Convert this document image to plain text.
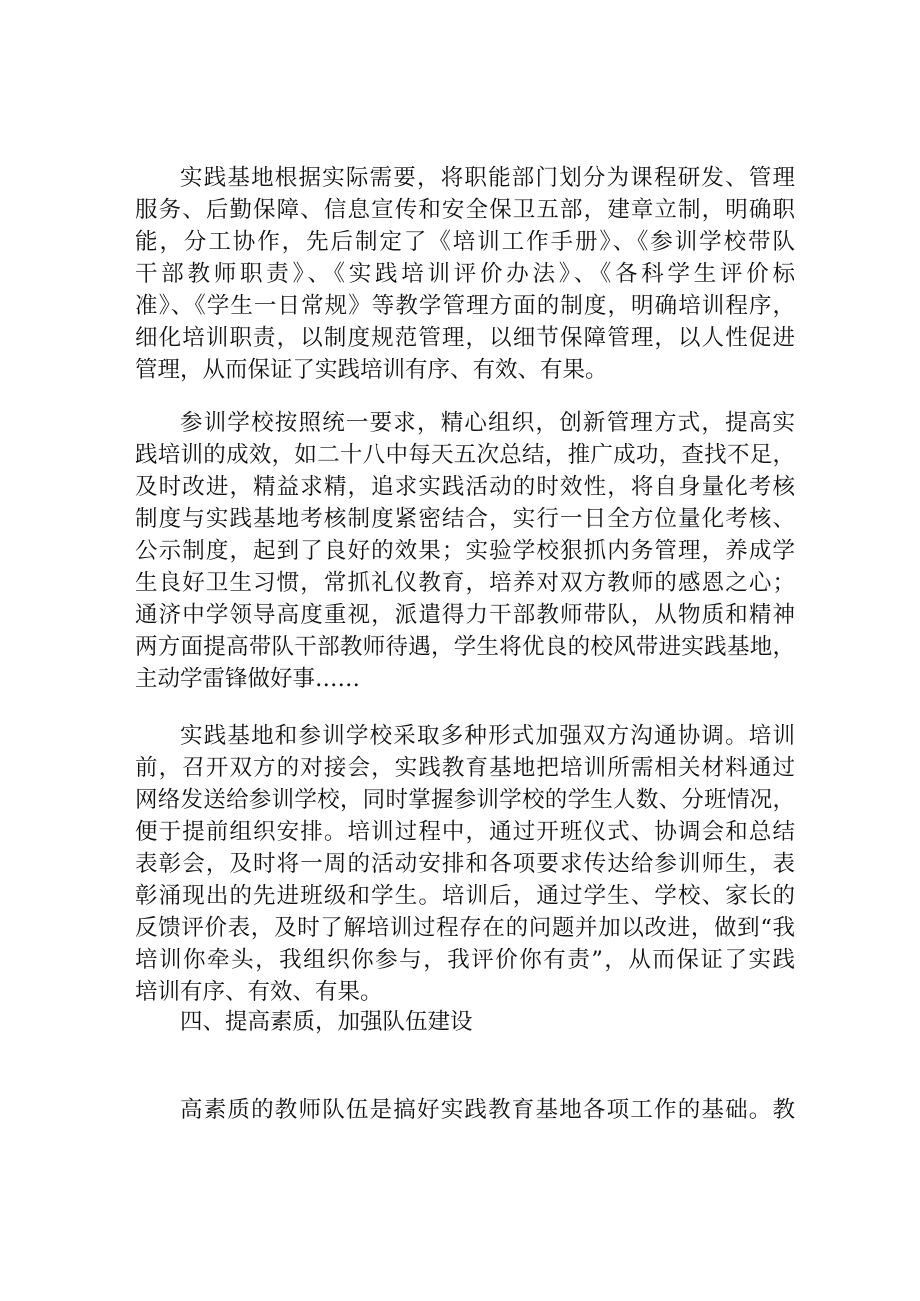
实践基地根据实际需要，将职能部门划分为课程研发、管理
服务、后勤保障、信息宣传和安全保卫五部，建章立制，明确职
能，分工协作，先后制定了《培训工作手册》、《参训学校带队
干部教师职责》、《实践培训评价办法》、《各科学生评价标
准》、《学生一日常规》等教学管理方面的制度，明确培训程序，
细化培训职责，以制度规范管理，以细节保障管理，以人性促进
管理，从而保证了实践培训有序、有效、有果。
参训学校按照统一要求，精心组织，创新管理方式，提高实
践培训的成效，如二十八中每天五次总结，推广成功，查找不足，
及时改进，精益求精，追求实践活动的时效性，将自身量化考核
制度与实践基地考核制度紧密结合，实行一日全方位量化考核、
公示制度，起到了良好的效果；实验学校狠抓内务管理，养成学
生良好卫生习惯，常抓礼仪教育，培养对双方教师的感恩之心；
通济中学领导高度重视，派遣得力干部教师带队，从物质和精神
两方面提高带队干部教师待遇，学生将优良的校风带进实践基地，
主动学雷锋做好事……
实践基地和参训学校采取多种形式加强双方沟通协调。培训
前，召开双方的对接会，实践教育基地把培训所需相关材料通过
网络发送给参训学校，同时掌握参训学校的学生人数、分班情况，
便于提前组织安排。培训过程中，通过开班仪式、协调会和总结
表彰会，及时将一周的活动安排和各项要求传达给参训师生，表
彰涌现出的先进班级和学生。培训后，通过学生、学校、家长的
反馈评价表，及时了解培训过程存在的问题并加以改进，做到“我
培训你牵头，我组织你参与，我评价你有责”，从而保证了实践
培训有序、有效、有果。
四、提高素质，加强队伍建设
高素质的教师队伍是搞好实践教育基地各项工作的基础。教
